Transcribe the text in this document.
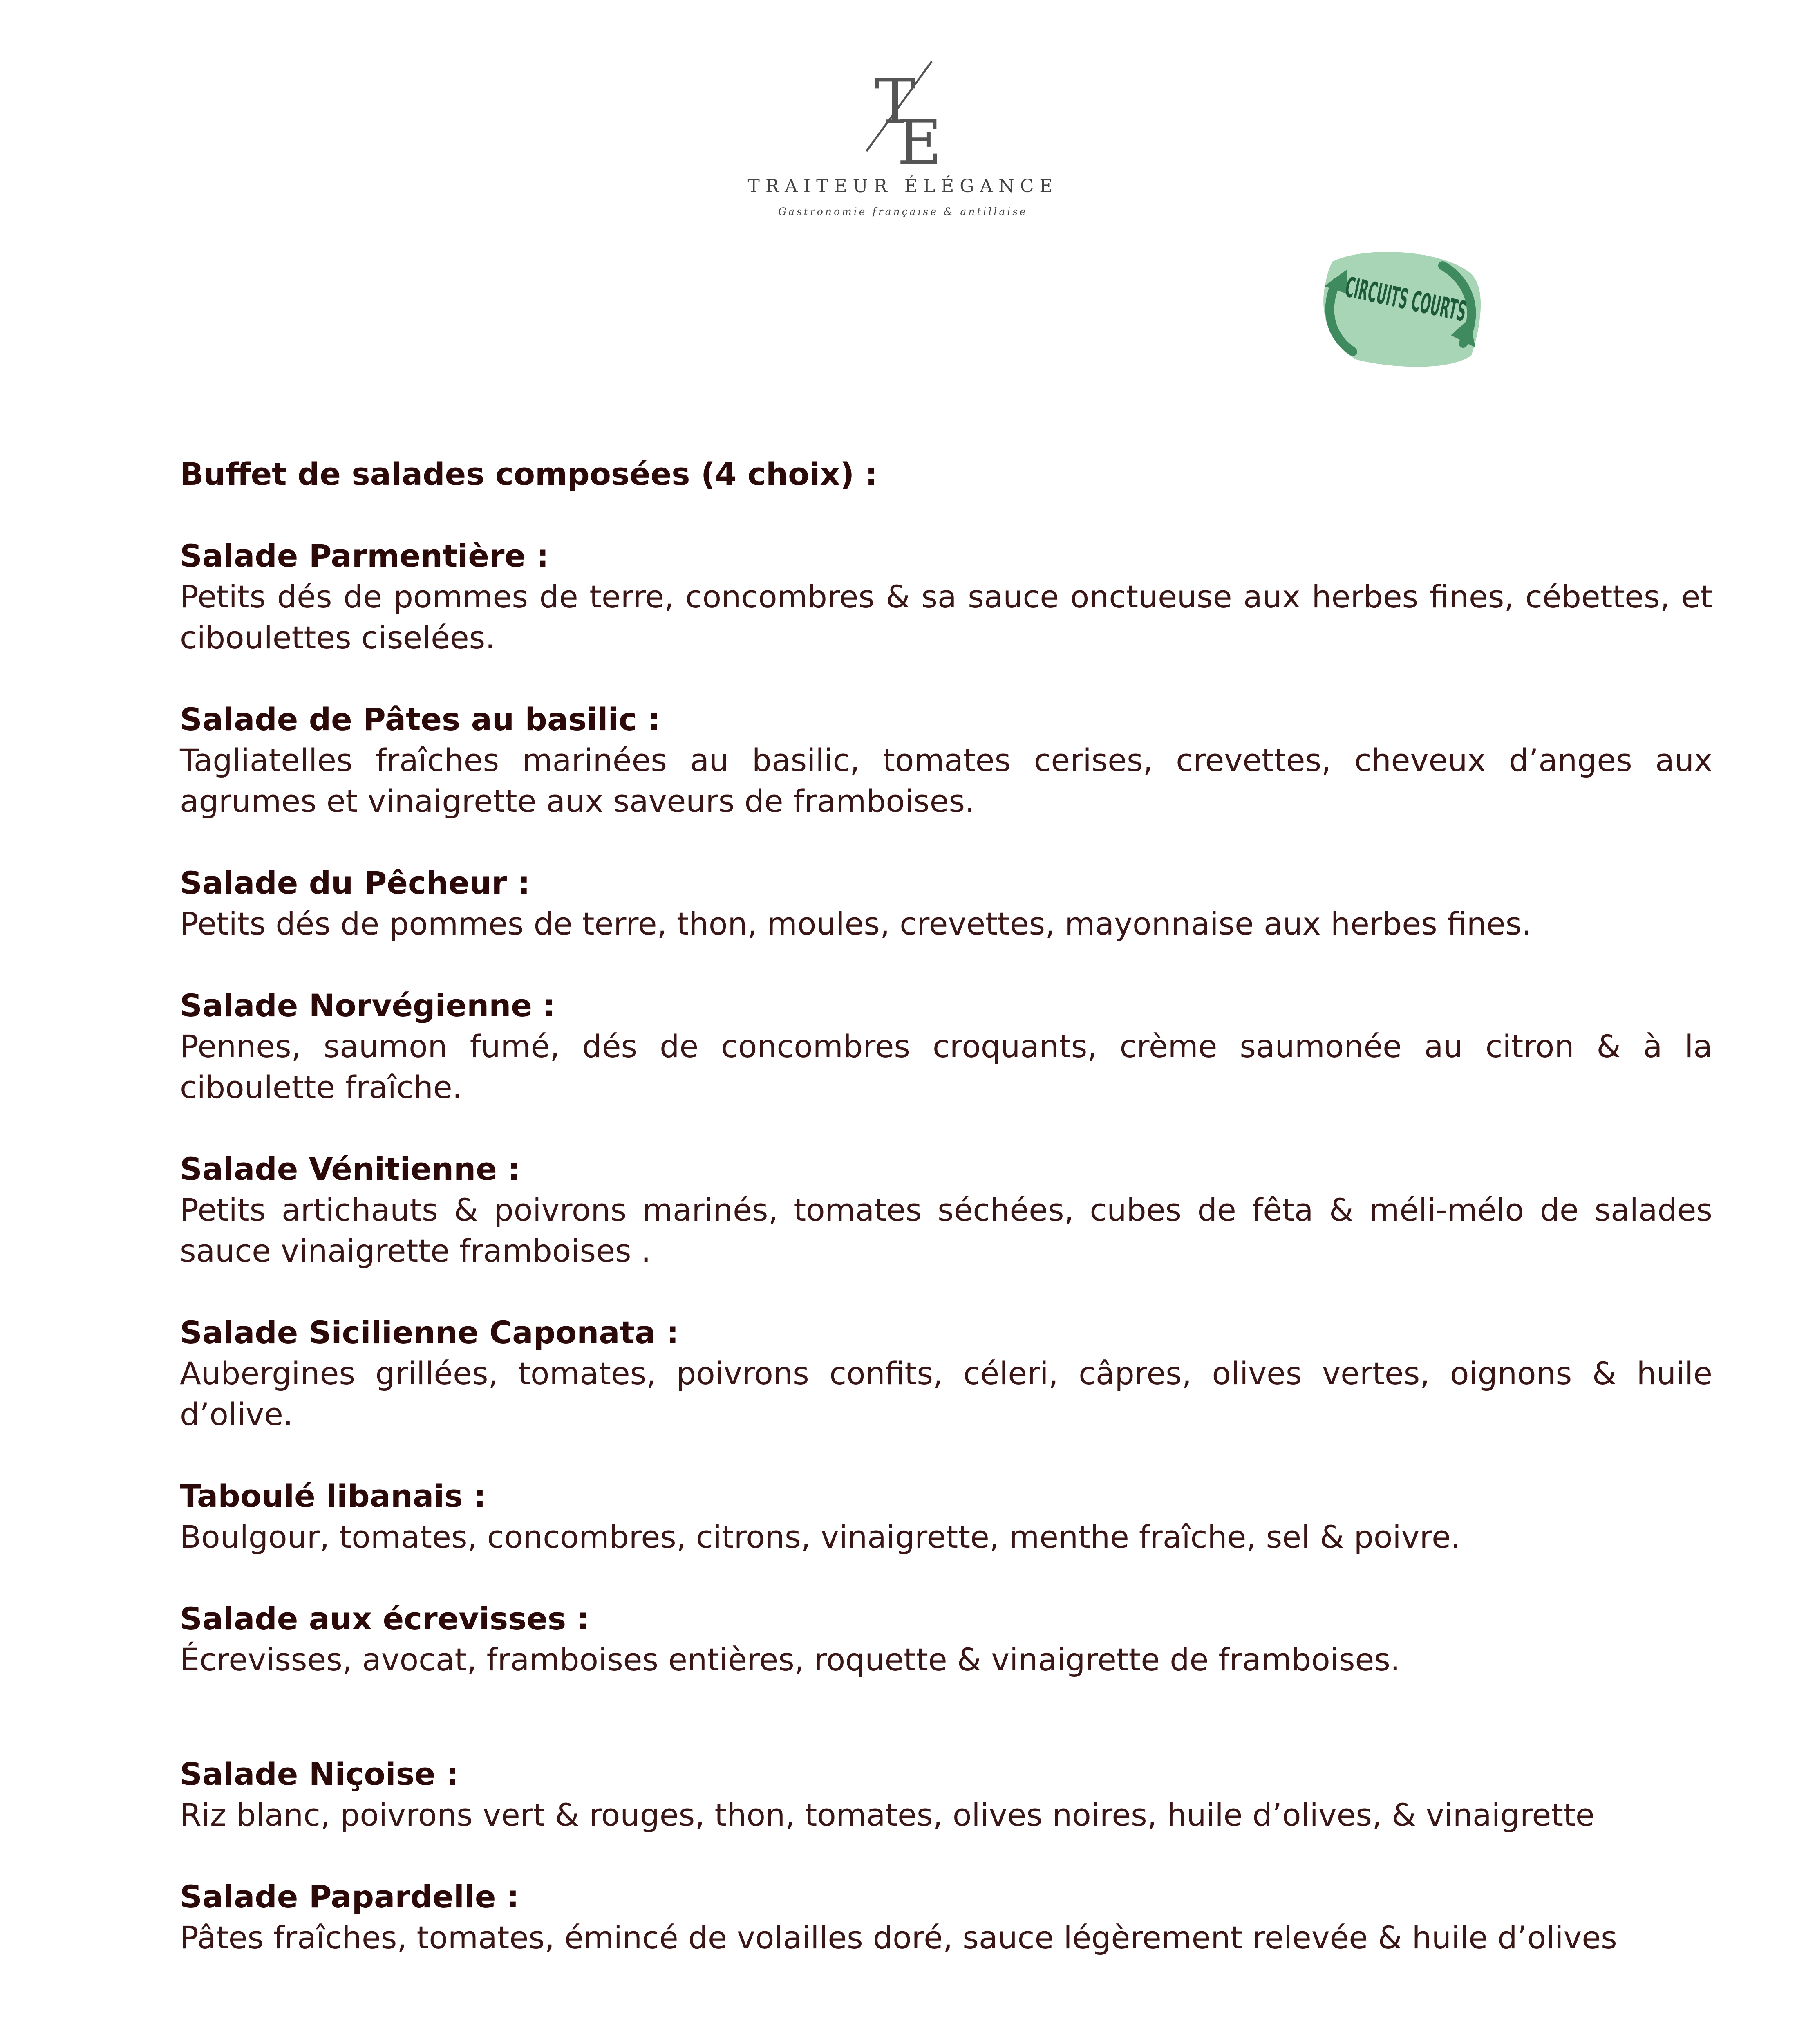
T
E
TRAITEUR ÉLÉGANCE
Gastronomie française & antillaise
CIRCUITS COURTS

Buffet de salades composées (4 choix) :

Salade Parmentière :
Petits dés de pommes de terre, concombres & sa sauce onctueuse aux herbes fines, cébettes, et ciboulettes ciselées.
Salade de Pâtes au basilic :
Tagliatelles fraîches marinées au basilic, tomates cerises, crevettes, cheveux d’anges aux agrumes et vinaigrette aux saveurs de framboises.
Salade du Pêcheur :
Petits dés de pommes de terre, thon, moules, crevettes, mayonnaise aux herbes fines.
Salade Norvégienne :
Pennes, saumon fumé, dés de concombres croquants, crème saumonée au citron & à la ciboulette fraîche.
Salade Vénitienne :
Petits artichauts & poivrons marinés, tomates séchées, cubes de fêta & méli-mélo de salades sauce vinaigrette framboises .
Salade Sicilienne Caponata :
Aubergines grillées, tomates, poivrons confits, céleri, câpres, olives vertes, oignons & huile d’olive.
Taboulé libanais :
Boulgour, tomates, concombres, citrons, vinaigrette, menthe fraîche, sel & poivre.
Salade aux écrevisses :
Écrevisses, avocat, framboises entières, roquette & vinaigrette de framboises.
Salade Niçoise :
Riz blanc, poivrons vert & rouges, thon, tomates, olives noires, huile d’olives, & vinaigrette
Salade Papardelle :
Pâtes fraîches, tomates, émincé de volailles doré, sauce légèrement relevée & huile d’olives
